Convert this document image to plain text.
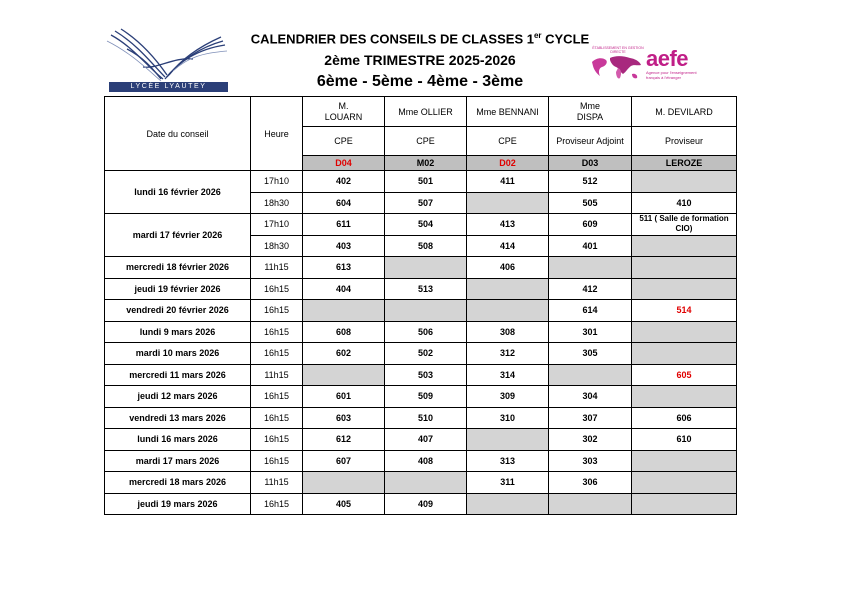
LYCÉE LYAUTEY
CALENDRIER DES CONSEILS DE CLASSES 1er CYCLE
2ème TRIMESTRE 2025-2026
6ème - 5ème - 4ème - 3ème
ÉTABLISSEMENT EN GESTION DIRECTE aefe
Agence pour l'enseignement français à l'étranger
Date du conseil	Heure	M.
LOUARN	Mme OLLIER	Mme BENNANI	Mme
DISPA	M. DEVILARD
		CPE	CPE	CPE	Proviseur Adjoint	Proviseur
		D04	M02	D02	D03	LEROZE
lundi 16 février 2026	17h10	402	501	411	512	
	18h30	604	507		505	410
mardi 17 février 2026	17h10	611	504	413	609	511 ( Salle de formation CIO)
	18h30	403	508	414	401	
mercredi 18 février 2026	11h15	613		406		
jeudi 19 février 2026	16h15	404	513		412	
vendredi 20 février 2026	16h15				614	514
lundi 9 mars 2026	16h15	608	506	308	301	
mardi 10 mars 2026	16h15	602	502	312	305	
mercredi 11 mars 2026	11h15		503	314		605
jeudi 12 mars 2026	16h15	601	509	309	304	
vendredi 13 mars 2026	16h15	603	510	310	307	606
lundi 16 mars 2026	16h15	612	407		302	610
mardi 17 mars 2026	16h15	607	408	313	303	
mercredi 18 mars 2026	11h15			311	306	
jeudi 19 mars 2026	16h15	405	409			
